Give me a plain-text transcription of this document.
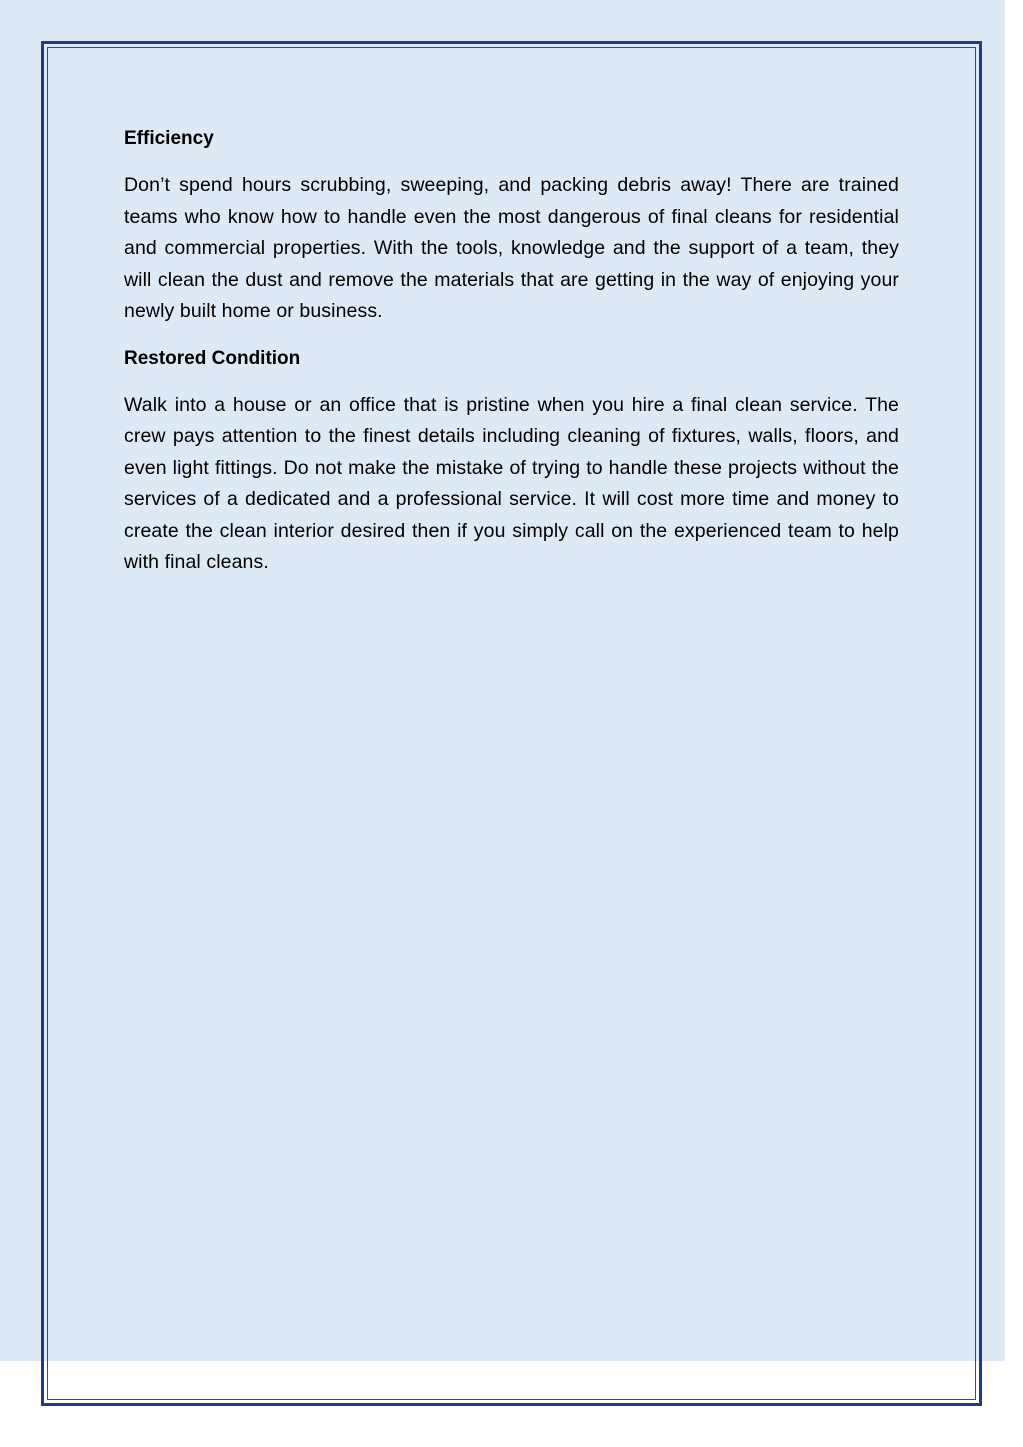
Efficiency

Don’t spend hours scrubbing, sweeping, and packing debris away! There are trained teams who know how to handle even the most dangerous of final cleans for residential and commercial properties. With the tools, knowledge and the support of a team, they will clean the dust and remove the materials that are getting in the way of enjoying your newly built home or business.

Restored Condition

Walk into a house or an office that is pristine when you hire a final clean service. The crew pays attention to the finest details including cleaning of fixtures, walls, floors, and even light fittings. Do not make the mistake of trying to handle these projects without the services of a dedicated and a professional service. It will cost more time and money to create the clean interior desired then if you simply call on the experienced team to help with final cleans.
